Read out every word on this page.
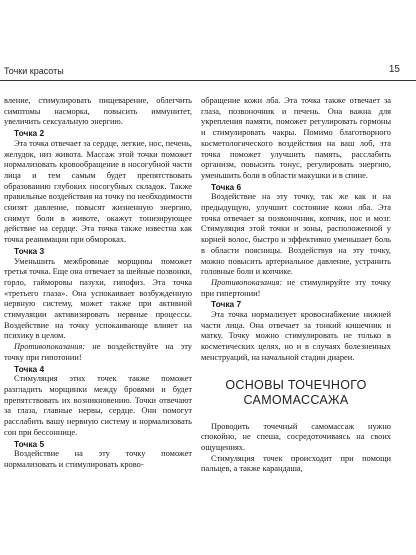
Точки красоты	15

вление, стимулировать пищеварение, облегчить симптомы насморка, повысить иммунитет, увеличить сексуальную энергию.

Точка 2

Эта точка отвечает за сердце, легкие, нос, печень, желудок, низ живота. Массаж этой точки поможет нормализовать кровообращение в носогубной части лица и тем самым будет препятствовать образованию глубоких носогубных складок. Также правильные воздействия на точку по необходимости снизят давление, повысят жизненную энергию, снимут боли в животе, окажут тонизирующее действие на сердце. Эта точка также известна как точка реанимации при обмороках.

Точка 3

Уменьшить межбровные морщины поможет третья точка. Еще она отвечает за шейные позвонки, горло, гайморовы пазухи, гипофиз. Эта точка «третьего глаза». Она успокаивает возбужденную нервную систему, может также при активной стимуляции активизировать нервные процессы. Воздействие на точку успокаивающе влияет на психику в целом.

Противопоказания: не воздействуйте на эту точку при гипотонии!

Точка 4

Стимуляция этих точек также поможет разгладить морщинки между бровями и будет препятствовать их возникновению. Точки отвечают за глаза, главные нервы, сердце. Они помогут расслабить вашу нервную систему и нормализовать сон при бессоннице.

Точка 5

Воздействие на эту точку поможет нормализовать и стимулировать крово-

обращение кожи лба. Эта точка также отвечает за глаза, позвоночник и печень. Она важна для укрепления памяти, поможет регулировать гормоны и стимулировать чакры. Помимо благотворного косметологического воздействия на ваш лоб, эта точка поможет улучшить память, расслабить организм, повысить тонус, регулировать энергию, уменьшить боли в области макушки и в спине.

Точка 6

Воздействие на эту точку, так же как и на предыдущую, улучшит состояние кожи лба. Эта точка отвечает за позвоночник, копчик, нос и мозг. Стимуляция этой точки и зоны, расположенной у корней волос, быстро и эффективно уменьшает боль в области поясницы. Воздействуя на эту точку, можно повысить артериальное давление, устранить головные боли и копчике.

Противопоказания: не стимулируйте эту точку при гипертонии!

Точка 7

Эта точка нормализует кровоснабжение нижней части лица. Она отвечает за тонкий кишечник и матку. Точку можно стимулировать не только в косметических целях, но и в случаях болезненных менструаций, на начальной стадии диареи.

ОСНОВЫ ТОЧЕЧНОГО
САМОМАССАЖА

Проводить точечный самомассаж нужно спокойно, не спеша, сосредоточиваясь на своих ощущениях.

Стимуляция точек происходит при помощи пальцев, а также карандаша,
